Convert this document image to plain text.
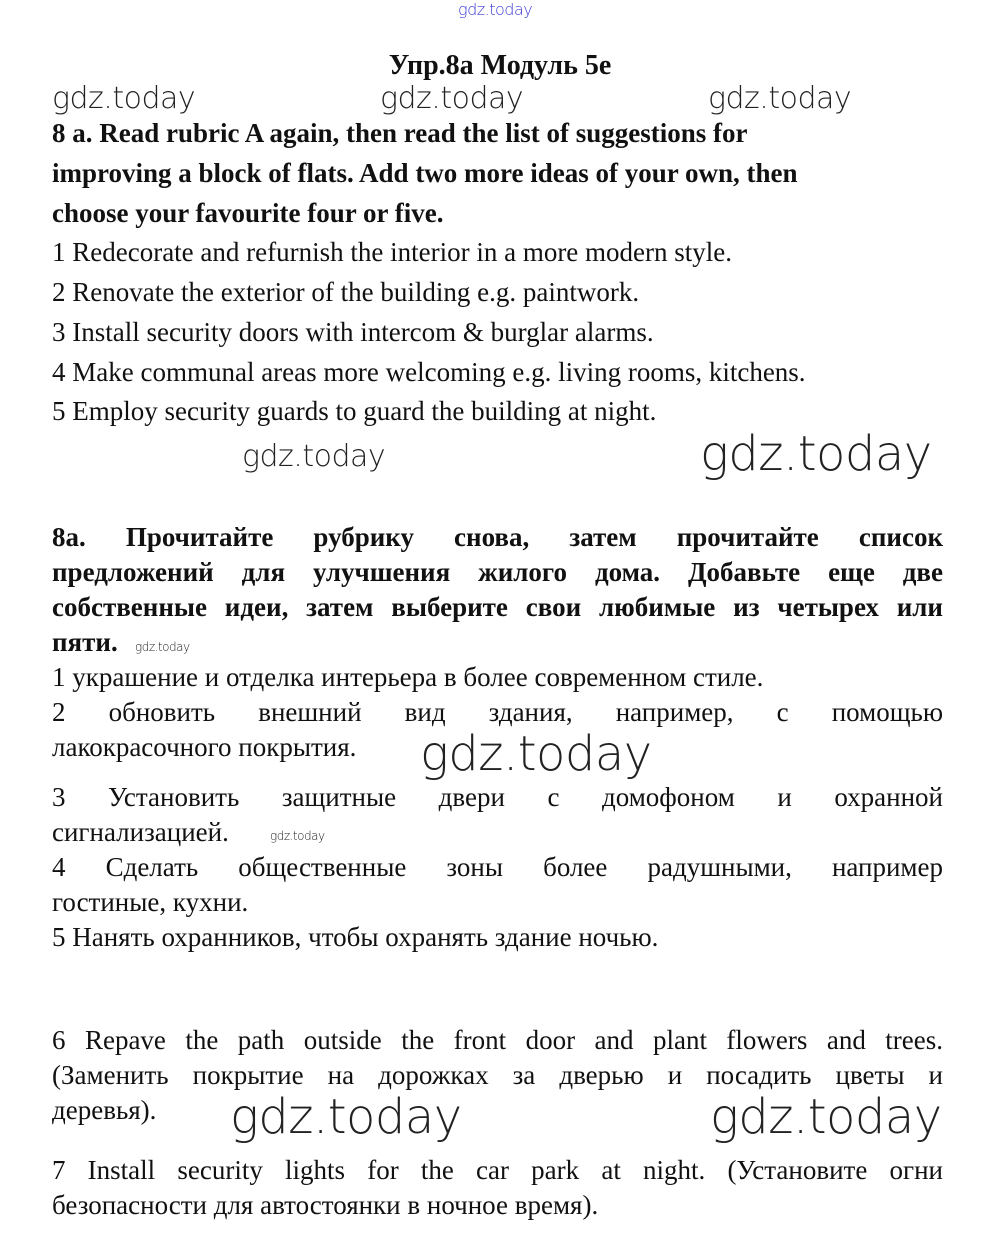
gdz.today
Упр.8а Модуль 5е
gdz.today	gdz.today	gdz.today
8 a. Read rubric A again, then read the list of suggestions for
improving a block of flats. Add two more ideas of your own, then
choose your favourite four or five.
1 Redecorate and refurnish the interior in a more modern style.
2 Renovate the exterior of the building e.g. paintwork.
3 Install security doors with intercom & burglar alarms.
4 Make communal areas more welcoming e.g. living rooms, kitchens.
5 Employ security guards to guard the building at night.
gdz.today	gdz.today
8a. Прочитайте рубрику снова, затем прочитайте список
предложений для улучшения жилого дома. Добавьте еще две
собственные идеи, затем выберите свои любимые из четырех или
пяти. gdz.today
1 украшение и отделка интерьера в более современном стиле.
2 обновить внешний вид здания, например, с помощью
лакокрасочного покрытия. gdz.today
3 Установить защитные двери с домофоном и охранной
сигнализацией.	gdz.today
4 Сделать общественные зоны более радушными, например
гостиные, кухни.
5 Нанять охранников, чтобы охранять здание ночью.
6 Repave the path outside the front door and plant flowers and trees.
(Заменить покрытие на дорожках за дверью и посадить цветы и
деревья). gdz.today	gdz.today
7 Install security lights for the car park at night. (Установите огни
безопасности для автостоянки в ночное время).
